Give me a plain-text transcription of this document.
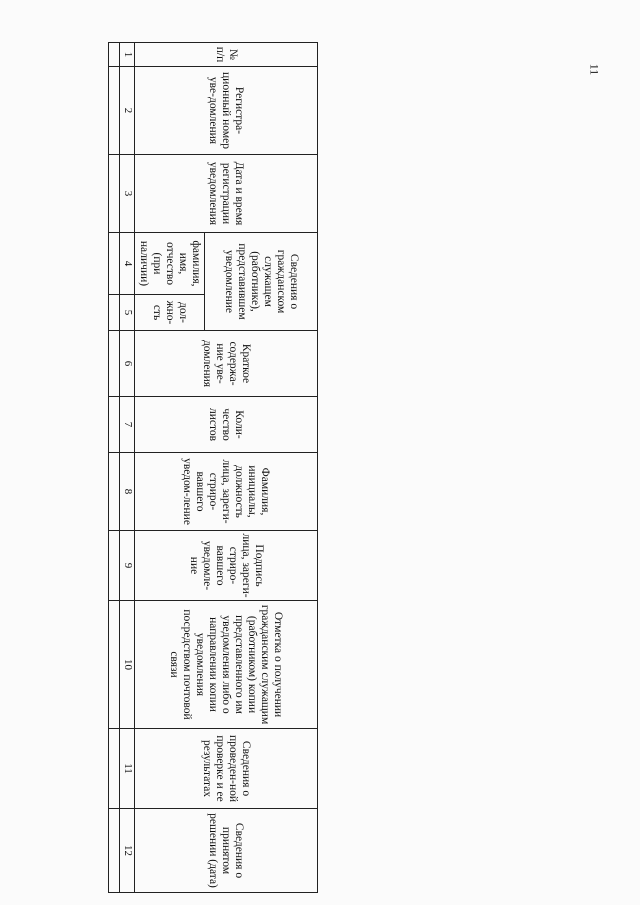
11
№ п/п	Регистра-ционный номер уве-домления	Дата и время регистрации уведомления	Сведения о гражданском служащем (работнике), представившем уведомление		Краткое содержа-ние уве-домления	Коли-чество листов	Фамилия, инициалы, должность лица, зареги-стриро-вавшего уведом-ление	Подпись лица, зареги-стриро-вавшего уведомле-ние	Отметка о получении гражданским служащим (работником) копии представленного им уведомления либо о направлении копии уведомления посредством почтовой связи	Сведения о проведен-ной проверке и ее результатах	Сведения о принятом решении (дата)
			фамилия, имя, отчество (при наличии)	дол-жно-сть							
1	2	3	4	5	6	7	8	9	10	11	12
